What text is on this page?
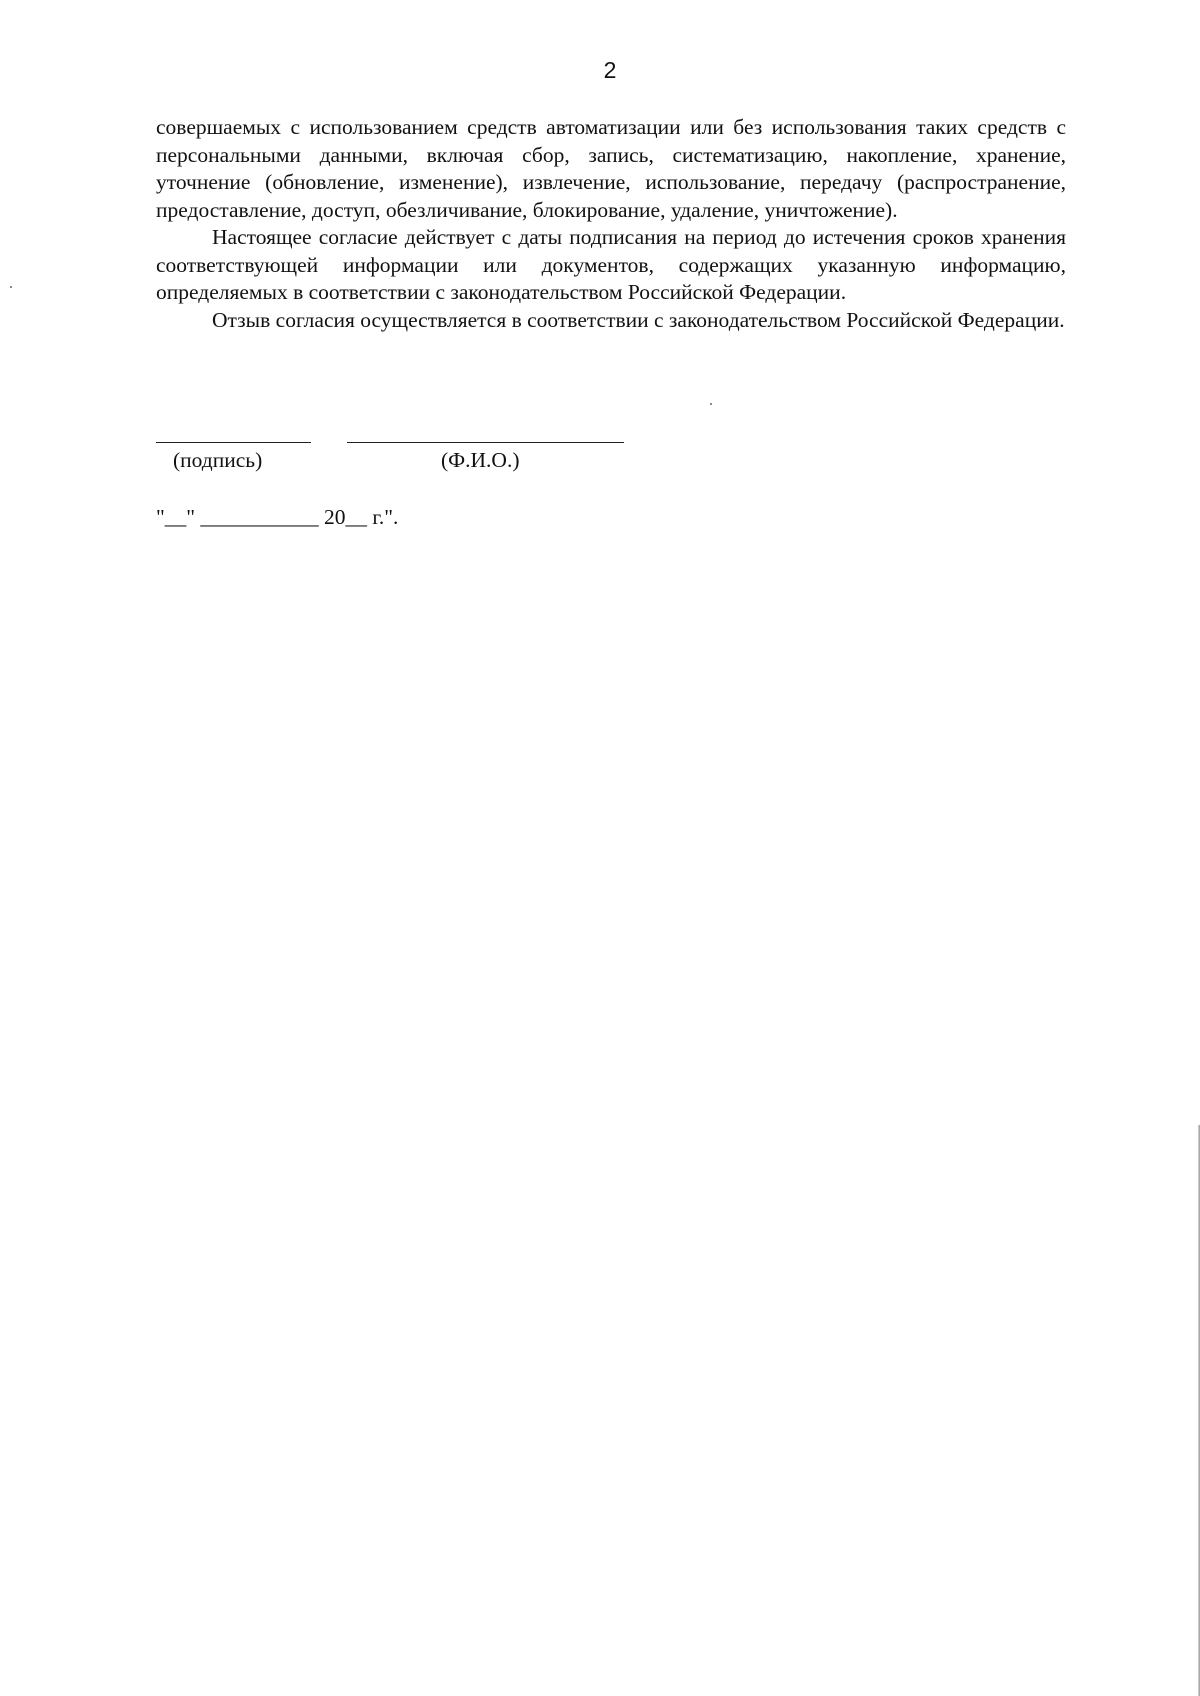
2

совершаемых с использованием средств автоматизации или без использования таких средств с персональными данными, включая сбор, запись, систематизацию, накопление, хранение, уточнение (обновление, изменение), извлечение, использование, передачу (распространение, предоставление, доступ, обезличивание, блокирование, удаление, уничтожение).

Настоящее согласие действует с даты подписания на период до истечения сроков хранения соответствующей информации или документов, содержащих указанную информацию, определяемых в соответствии с законодательством Российской Федерации.

Отзыв согласия осуществляется в соответствии с законодательством Российской Федерации.

(подпись)	(Ф.И.О.)
"__" ___________ 20__ г.".
